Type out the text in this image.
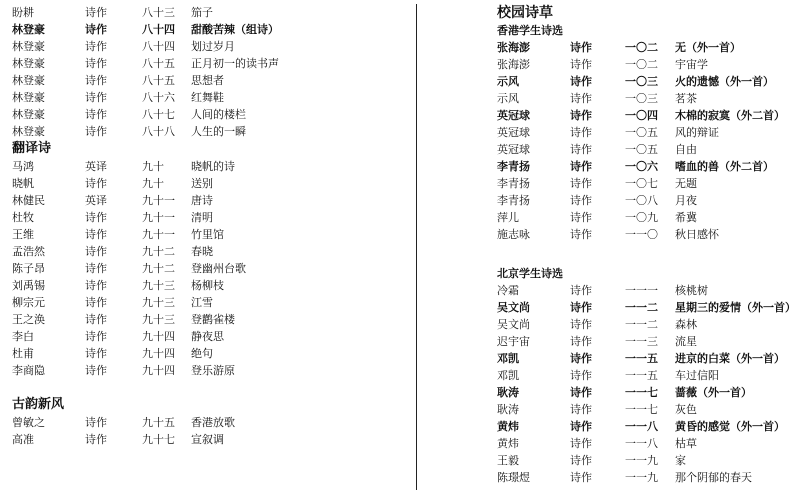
盼耕	诗作	八十三 笳子
林登豪	诗作	八十四 甜酸苦辣（组诗）
林登豪	诗作	八十四 划过岁月
林登豪	诗作	八十五 正月初一的读书声
林登豪	诗作	八十五 思想者
林登豪	诗作	八十六 红舞鞋
林登豪	诗作	八十七 人间的楼栏
林登豪	诗作	八十八 人生的一瞬
翻译诗
马鸿	英译	九十 晓帆的诗
晓帆	诗作	九十 送别
林健民	英译	九十一 唐诗
杜牧	诗作	九十一 清明
王维	诗作	九十一 竹里馆
孟浩然	诗作	九十二 春晓
陈子昂	诗作	九十二 登幽州台歌
刘禹锡	诗作	九十三 杨柳枝
柳宗元	诗作	九十三 江雪
王之涣	诗作	九十三 登鹳雀楼
李白	诗作	九十四 静夜思
杜甫	诗作	九十四 绝句
李商隐	诗作	九十四 登乐游原
古韵新风
曾敏之	诗作	九十五 香港放歌
高准	诗作	九十七 宣叙调
校园诗草
香港学生诗选
张海澎	诗作	一〇二 无（外一首）
张海澎	诗作	一〇二 宇宙学
示风	诗作	一〇三 火的遗憾（外一首）
示风	诗作	一〇三 茗茶
英冠球	诗作	一〇四 木棉的寂寞（外二首）
英冠球	诗作	一〇五 风的辩证
英冠球	诗作	一〇五 自由
李青扬	诗作	一〇六 嗜血的兽（外二首）
李青扬	诗作	一〇七 无题
李青扬	诗作	一〇八 月夜
萍儿	诗作	一〇九 希冀
施志咏	诗作	一一〇 秋日感怀
北京学生诗选
冷霜	诗作	一一一 核桃树
吴文尚	诗作	一一二 星期三的爱情（外一首）
吴文尚	诗作	一一二 森林
迟宇宙	诗作	一一三 流星
邓凯	诗作	一一五 进京的白菜（外一首）
邓凯	诗作	一一五 车过信阳
耿涛	诗作	一一七 蔷薇（外一首）
耿涛	诗作	一一七 灰色
黄炜	诗作	一一八 黄昏的感觉（外一首）
黄炜	诗作	一一八 枯草
王毅	诗作	一一九 家
陈璟煜	诗作	一一九 那个阴郁的春天
